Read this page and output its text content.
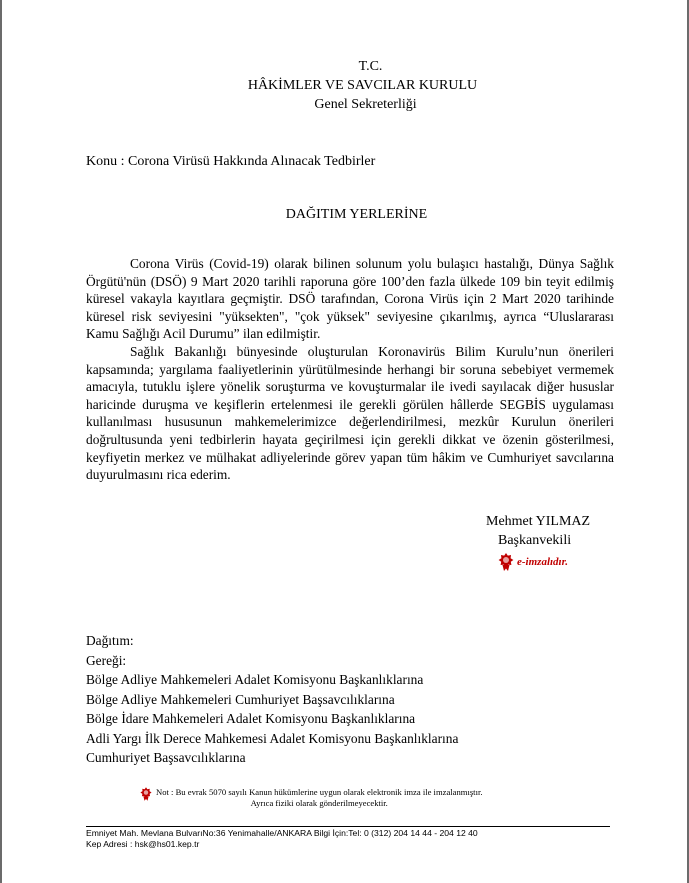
T.C.
HÂKİMLER VE SAVCILAR KURULU
Genel Sekreterliği
Konu : Corona Virüsü Hakkında Alınacak Tedbirler
DAĞITIM YERLERİNE

Corona Virüs (Covid-19) olarak bilinen solunum yolu bulaşıcı hastalığı, Dünya Sağlık Örgütü'nün (DSÖ) 9 Mart 2020 tarihli raporuna göre 100’den fazla ülkede 109 bin teyit edilmiş küresel vakayla kayıtlara geçmiştir. DSÖ tarafından, Corona Virüs için 2 Mart 2020 tarihinde küresel risk seviyesini "yüksekten", "çok yüksek" seviyesine çıkarılmış, ayrıca “Uluslararası Kamu Sağlığı Acil Durumu” ilan edilmiştir.

Sağlık Bakanlığı bünyesinde oluşturulan Koronavirüs Bilim Kurulu’nun önerileri kapsamında; yargılama faaliyetlerinin yürütülmesinde herhangi bir soruna sebebiyet vermemek amacıyla, tutuklu işlere yönelik soruşturma ve kovuşturmalar ile ivedi sayılacak diğer hususlar haricinde duruşma ve keşiflerin ertelenmesi ile gerekli görülen hâllerde SEGBİS uygulaması kullanılması hususunun mahkemelerimizce değerlendirilmesi, mezkûr Kurulun önerileri doğrultusunda yeni tedbirlerin hayata geçirilmesi için gerekli dikkat ve özenin gösterilmesi, keyfiyetin merkez ve mülhakat adliyelerinde görev yapan tüm hâkim ve Cumhuriyet savcılarına duyurulmasını rica ederim.

Mehmet YILMAZ
Başkanvekili
e-imzalıdır.
Dağıtım:
Gereği:
Bölge Adliye Mahkemeleri Adalet Komisyonu Başkanlıklarına
Bölge Adliye Mahkemeleri Cumhuriyet Başsavcılıklarına
Bölge İdare Mahkemeleri Adalet Komisyonu Başkanlıklarına
Adli Yargı İlk Derece Mahkemesi Adalet Komisyonu Başkanlıklarına
Cumhuriyet Başsavcılıklarına
Not : Bu evrak 5070 sayılı Kanun hükümlerine uygun olarak elektronik imza ile imzalanmıştır.
Ayrıca fiziki olarak gönderilmeyecektir.
Emniyet Mah. Mevlana BulvarıNo:36 Yenimahalle/ANKARA Bilgi İçin:Tel: 0 (312) 204 14 44 - 204 12 40
Kep Adresi : hsk@hs01.kep.tr
